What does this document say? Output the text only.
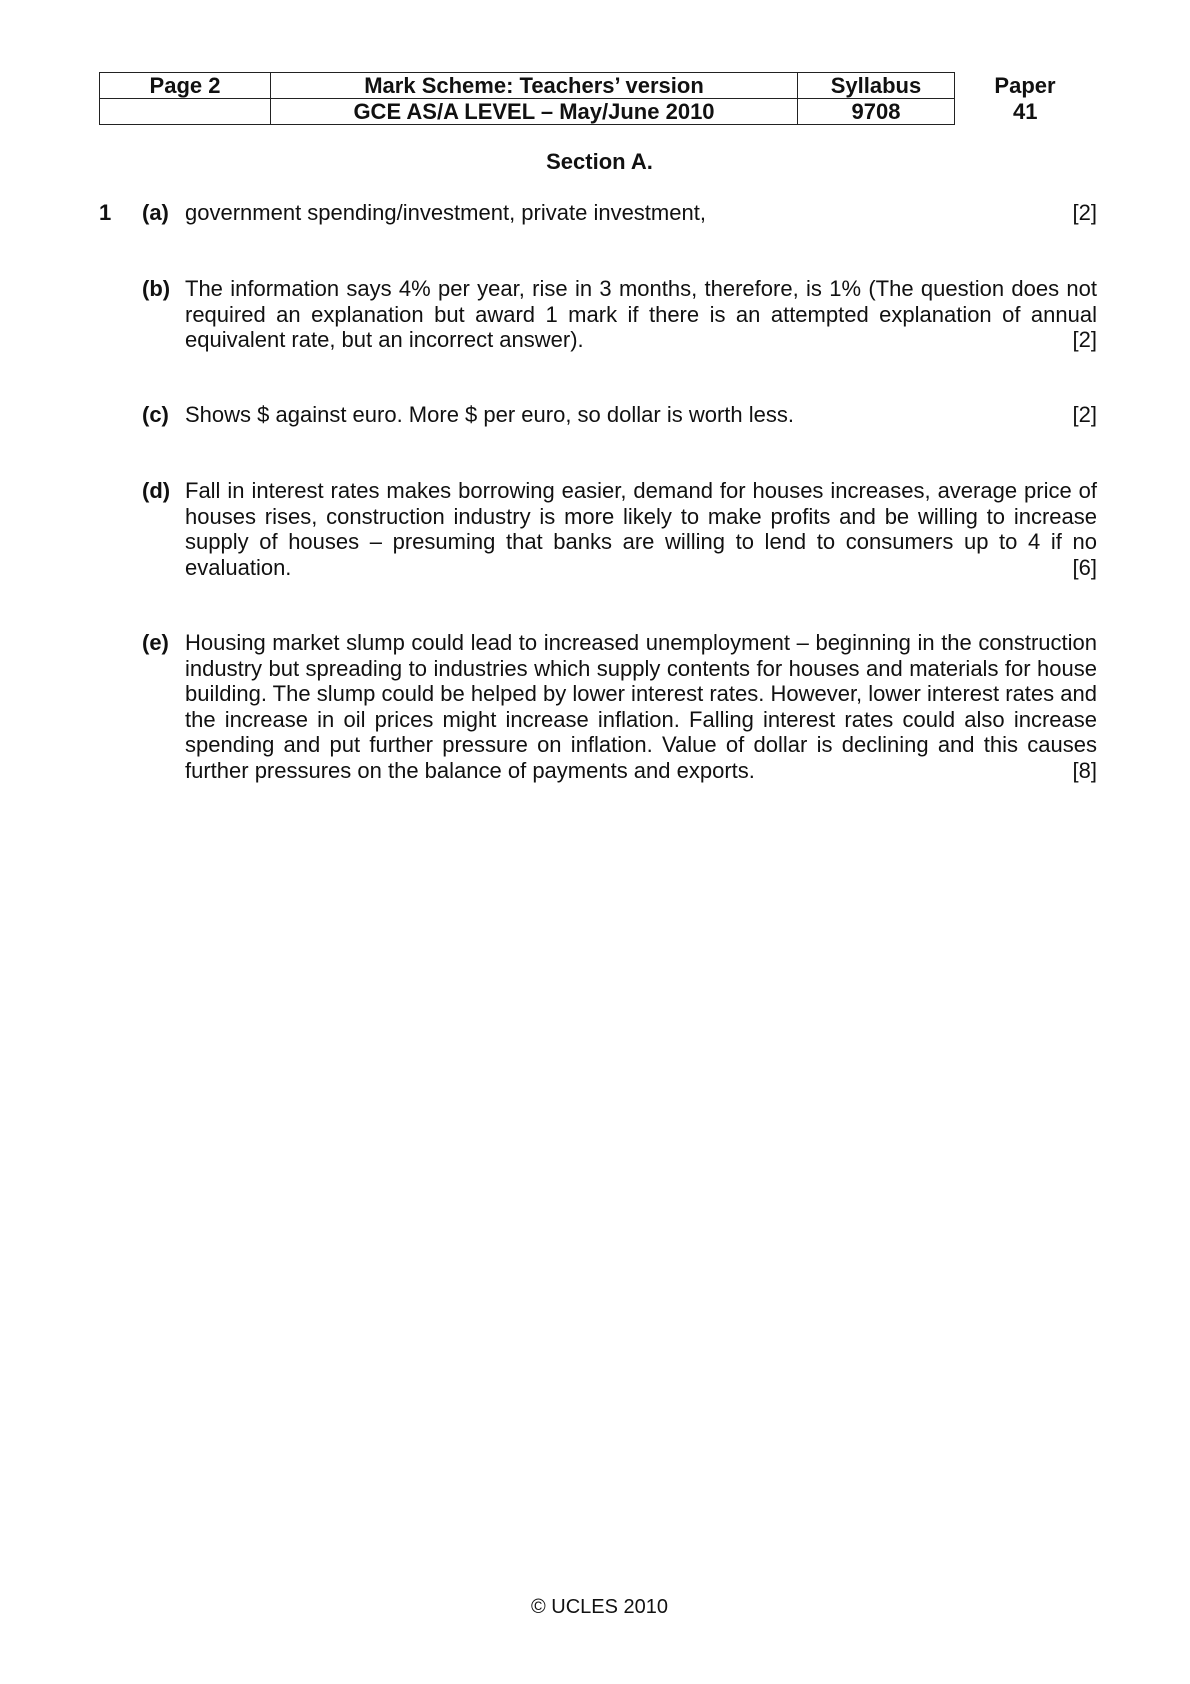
Page 2	Mark Scheme: Teachers’ version	Syllabus	Paper
	GCE AS/A LEVEL – May/June 2010	9708	41
Section A.
1 (a)	[2]
government spending/investment, private investment,
(b) The information says 4% per year, rise in 3 months, therefore, is 1% (The question does not required an explanation but award 1 mark if there is an attempted explanation of annual equivalent rate, but an incorrect answer).	[2]
(c)	[2]
Shows $ against euro. More $ per euro, so dollar is worth less.
(d) Fall in interest rates makes borrowing easier, demand for houses increases, average price of houses rises, construction industry is more likely to make profits and be willing to increase supply of houses – presuming that banks are willing to lend to consumers up to 4 if no evaluation.	[6]
(e) Housing market slump could lead to increased unemployment – beginning in the construction industry but spreading to industries which supply contents for houses and materials for house building. The slump could be helped by lower interest rates. However, lower interest rates and the increase in oil prices might increase inflation. Falling interest rates could also increase spending and put further pressure on inflation. Value of dollar is declining and this causes further pressures on the balance of payments and exports.	[8]
© UCLES 2010
